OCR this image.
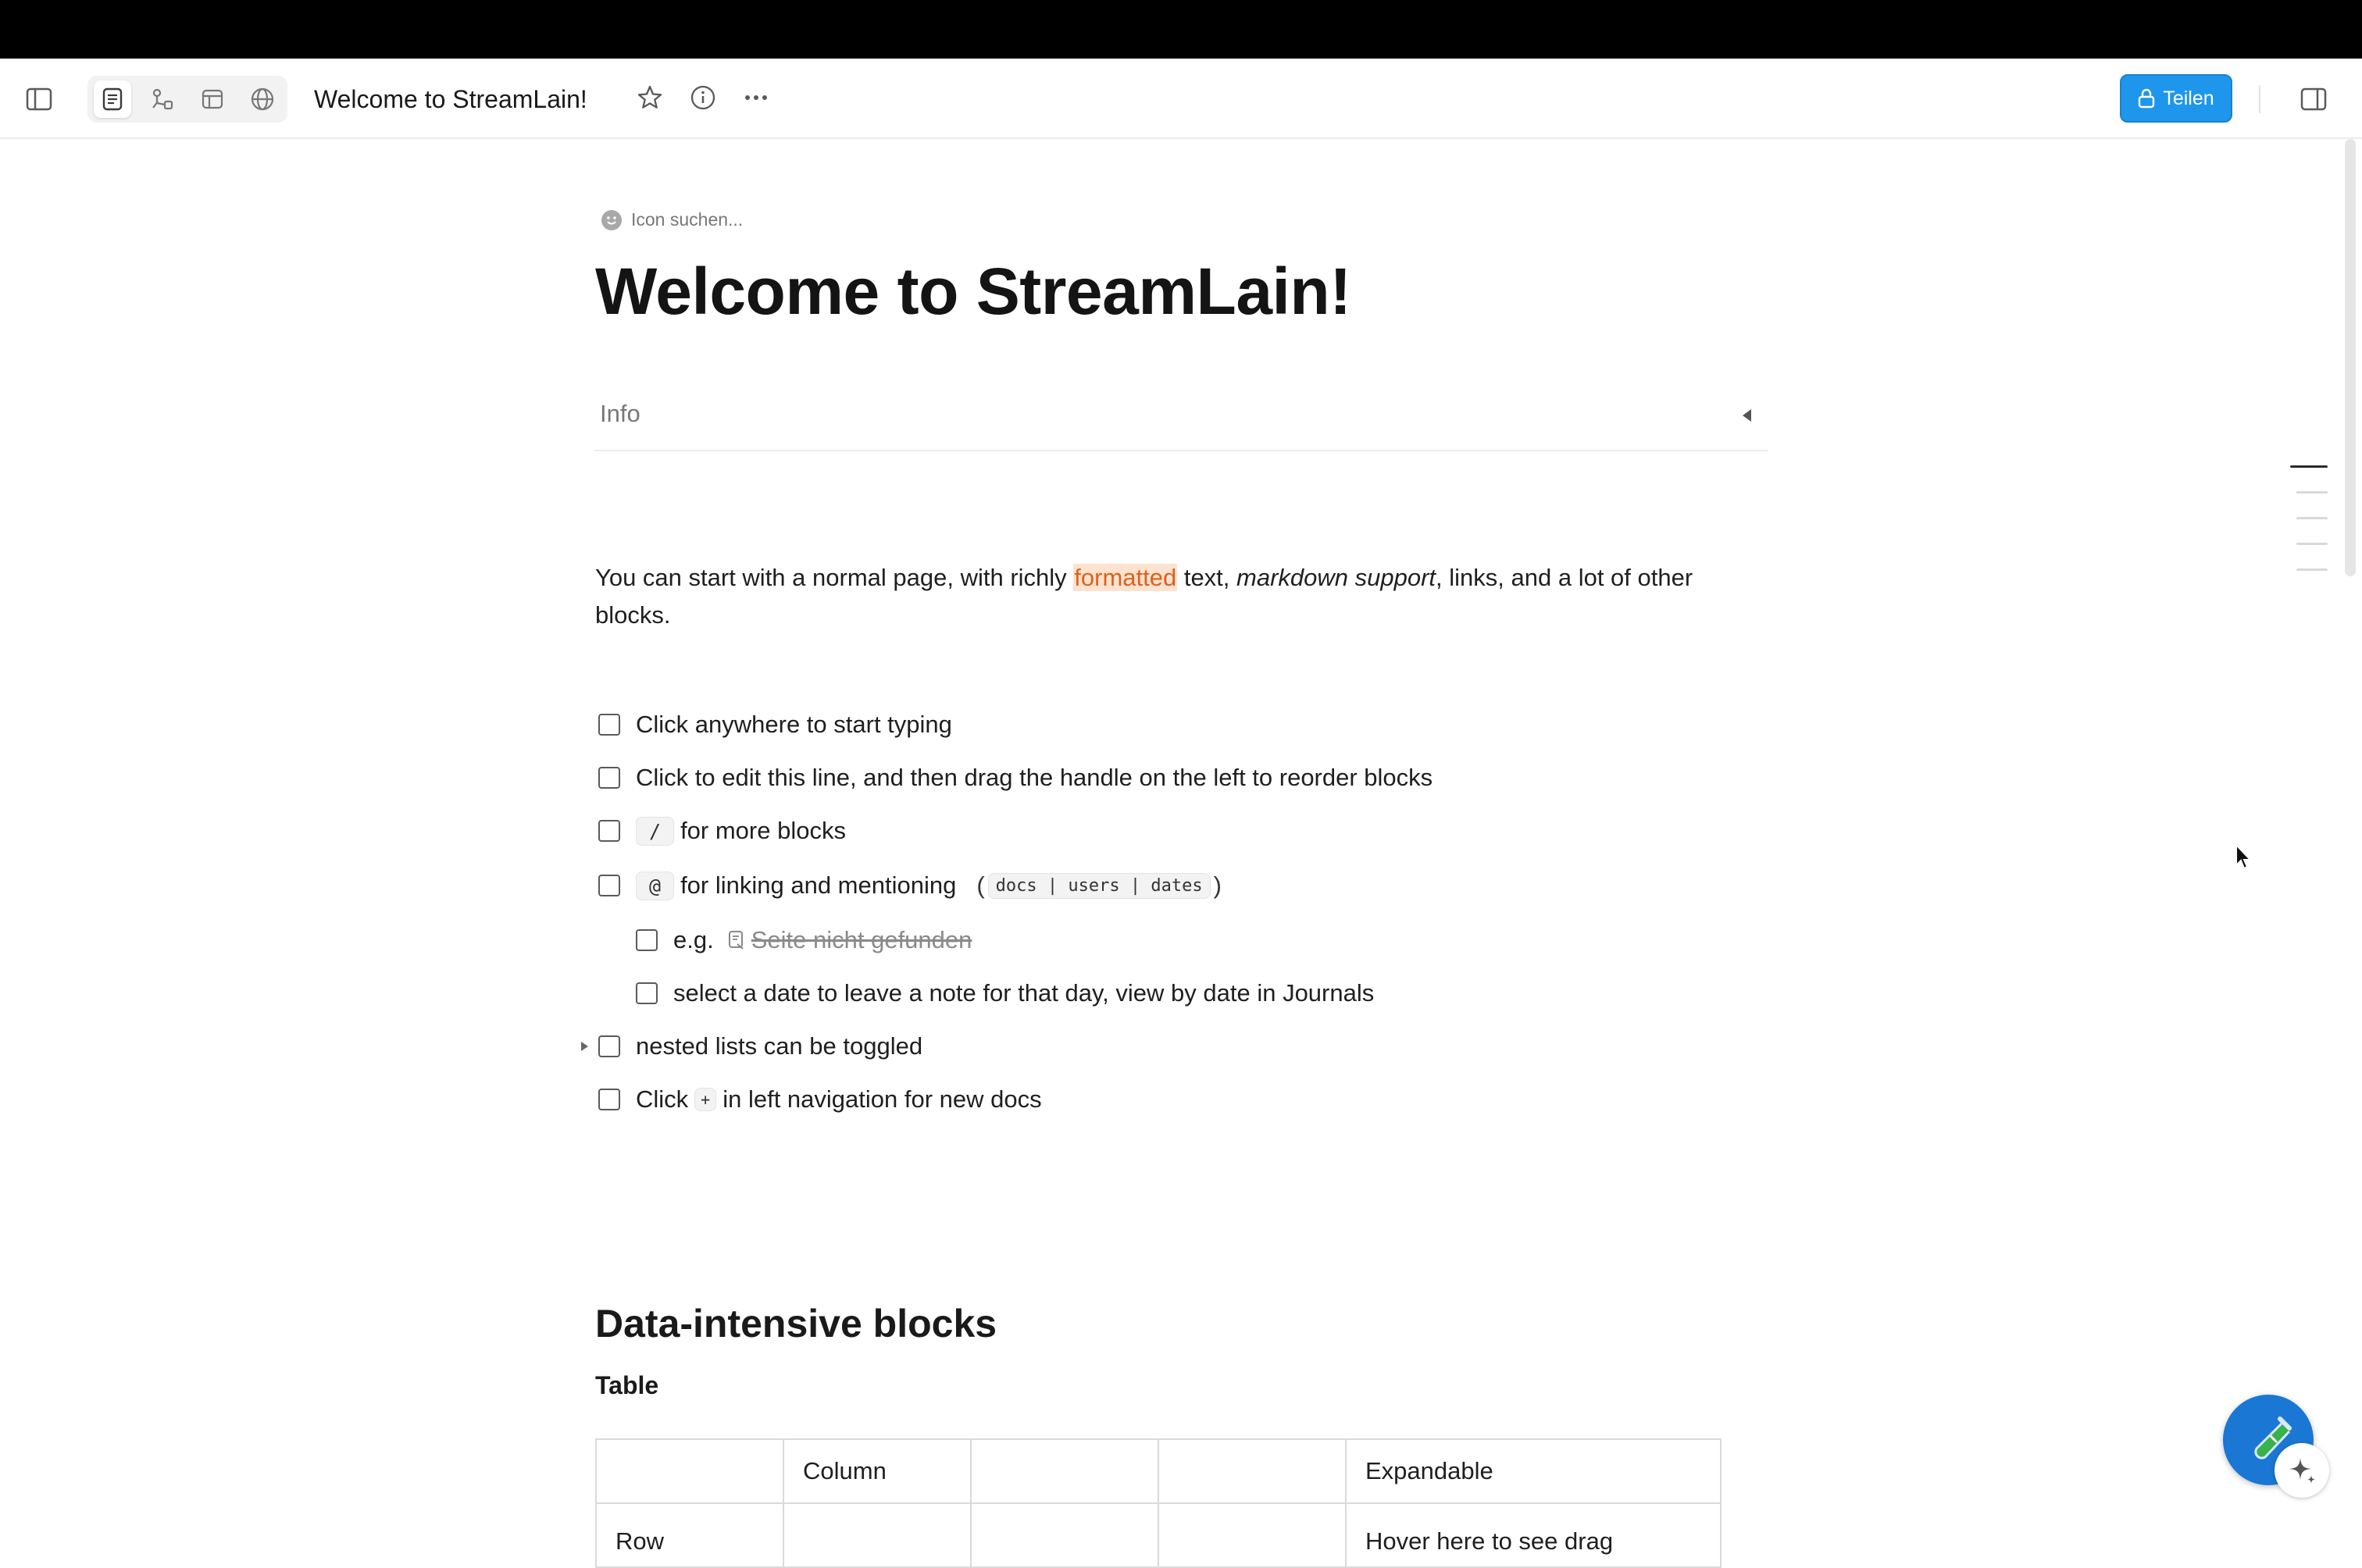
Welcome to StreamLain!	Teilen
Icon suchen...
Welcome to StreamLain!
Info
You can start with a normal page, with richly formatted text, markdown support, links, and a lot of other blocks.
Click anywhere to start typing
Click to edit this line, and then drag the handle on the left to reorder blocks
/ for more blocks
@ for linking and mentioning ( docs | users | dates )
e.g. Seite nicht gefunden
select a date to leave a note for that day, view by date in Journals
nested lists can be toggled
Click + in left navigation for new docs
Data-intensive blocks
Table
	Column			Expandable
Row				Hover here to see drag
